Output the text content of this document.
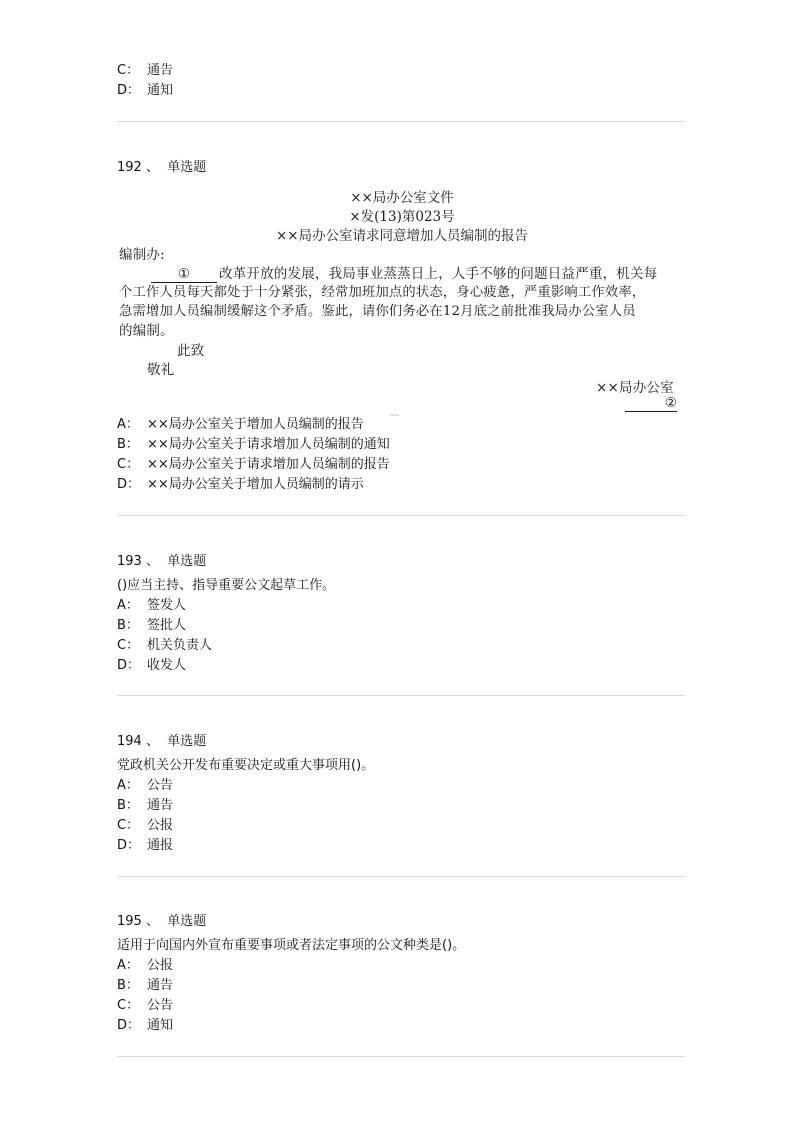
C： 通告
D： 通知
192 、 单选题
××局办公室文件
×发(13)第023号
××局办公室请求同意增加人员编制的报告
编制办:
① 改革开放的发展，我局事业蒸蒸日上，人手不够的问题日益严重，机关每
个工作人员每天都处于十分紧张，经常加班加点的状态，身心疲惫，严重影响工作效率，
急需增加人员编制缓解这个矛盾。鉴此，请你们务必在12月底之前批准我局办公室人员
的编制。
此致
敬礼
××局办公室
②
A： ××局办公室关于增加人员编制的报告
B： ××局办公室关于请求增加人员编制的通知
C： ××局办公室关于请求增加人员编制的报告
D： ××局办公室关于增加人员编制的请示
193 、 单选题
()应当主持、指导重要公文起草工作。
A： 签发人
B： 签批人
C： 机关负责人
D： 收发人
194 、 单选题
党政机关公开发布重要决定或重大事项用()。
A： 公告
B： 通告
C： 公报
D： 通报
195 、 单选题
适用于向国内外宣布重要事项或者法定事项的公文种类是()。
A： 公报
B： 通告
C： 公告
D： 通知
